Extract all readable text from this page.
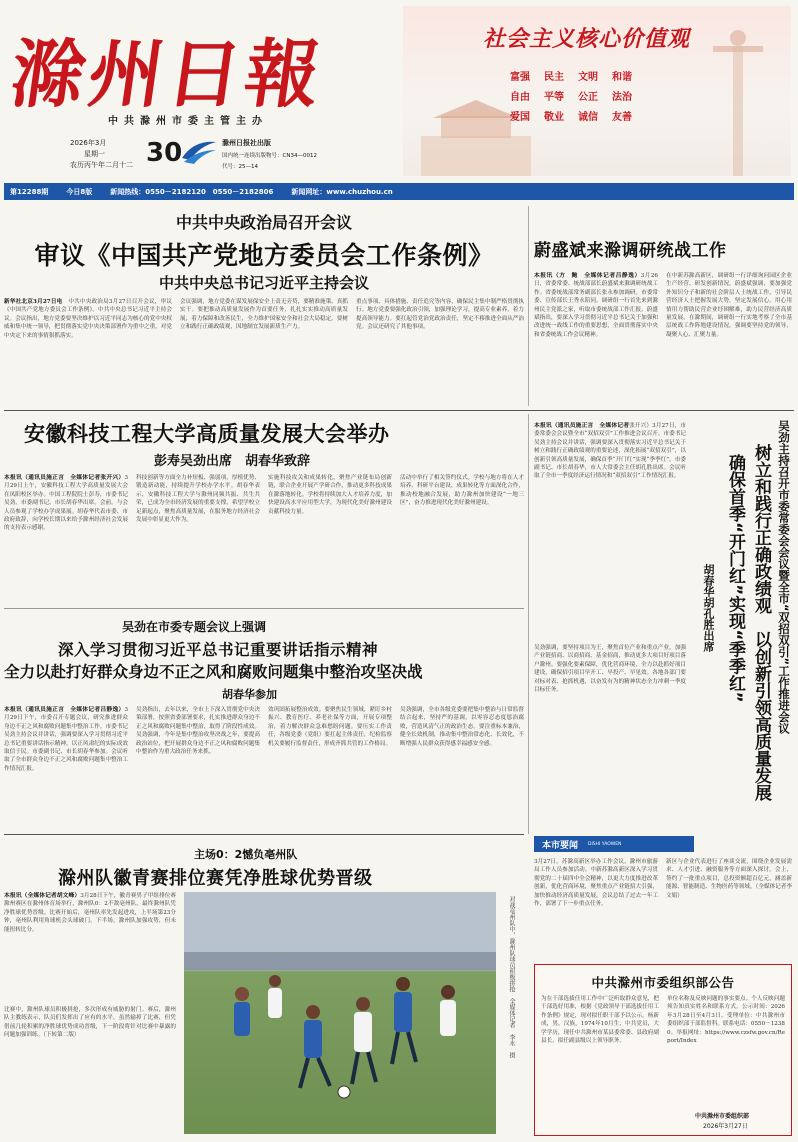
滁州日報
中共滁州市委主管主办
2026年3月
星期一
农历丙午年二月十二 30	滁州日报社出版
国内统一连续出版物号：CN34—0012
代号：25—14
社会主义核心价值观
富强 民主 文明 和谐
自由 平等 公正 法治
爱国 敬业 诚信 友善
第12288期	今日8版	新闻热线：0550－2182120　0550－2182806	新闻网址：www.chuzhou.cn
中共中央政治局召开会议
审议《中国共产党地方委员会工作条例》
中共中央总书记习近平主持会议
新华社北京3月27日电　 中共中央政治局3月27日召开会议，审议《中国共产党地方委员会工作条例》。中共中央总书记习近平主持会议。会议指出，地方党委要坚决维护以习近平同志为核心的党中央权威和集中统一领导，把贯彻落实党中央决策部署作为重中之重，对党中央定下来的事情狠抓落实。
会议强调，地方党委在谋发展保安全上责无旁贷，要精准施策、真抓实干。要把推动高质量发展作为首要任务，扎扎实实推动高质量发展，着力保障和改善民生，全力维护国家安全和社会大局稳定。要树立和践行正确政绩观，因地制宜发展新质生产力。
重点事项、具体措施、责任追究等内容，确保民主集中制严格贯彻执行。地方党委要强化政治引领，加强理论学习，提高专业素养，着力提高领导能力。要扛起管党治党政治责任，坚定不移推进全面从严治党。会议还研究了其他事项。
蔚盛斌来滁调研统战工作
本报讯（方　鲍　全媒体记者吕静逸）3月26日，省委常委、统战部部长蔚盛斌来滁调研统战工作。省委统战部常务副部长张永参加调研。市委常委、宣传部长王秀永陪同。调研组一行首先来到滁州民主党派之家，听取市委统战部工作汇报。蔚盛斌指出，要深入学习贯彻习近平总书记关于加强和改进统一战线工作的重要思想，全面贯彻落实中央和省委统战工作会议精神。
在中新苏滁高新区，调研组一行详细询问园区企业生产经营、研发创新情况。蔚盛斌强调，要加强党外知识分子和新的社会阶层人士统战工作，引导民营经济人士把握发展大势，坚定发展信心。用心用情用力帮助民营企业纾困解难，助力民营经济高质量发展。在滁期间，调研组一行实地考察了全市基层统战工作阵地建设情况，强调要坚持党的领导，凝聚人心、汇聚力量。
安徽科技工程大学高质量发展大会举办
彭寿吴劲出席　胡春华致辞
本报讯（通讯员施正言　全媒体记者张开兴）3月29日上午，安徽科技工程大学高质量发展大会在凤阳校区举办。中国工程院院士彭寿，市委书记吴劲，市委副书记、市长胡春华出席。会前，与会人员参观了学校办学成果展。胡春华代表市委、市政府致辞，向学校长期以来给予滁州经济社会发展的支持表示感谢。
科技创新等方面全力补短板、强弱项，厚植优势、锻造新动能，持续提升学校办学水平。胡春华表示，安徽科技工程大学与滁州同频共振、共生共荣，已成为全市经济发展的重要支撑。希望学校立足新起点，聚焦高质量发展，在服务地方经济社会发展中彰显更大作为。
实施科技攻关和成果转化，聚焦产业链布局创新链，联合企业开展产学研合作，推动更多科技成果在滁落地转化。学校将持续加大人才培养力度，加快建设高水平应用型大学，为现代化美好滁州建设贡献科技力量。
活动中举行了相关签约仪式。学校与地方将在人才培养、科研平台建设、成果转化等方面深化合作，推动校地融合发展，助力滁州加快建设“一地三区”，奋力推进现代化美好滁州建设。
吴劲在市委专题会议上强调
深入学习贯彻习近平总书记重要讲话指示精神
全力以赴打好群众身边不正之风和腐败问题集中整治攻坚决战
胡春华参加
本报讯（通讯员施正言　全媒体记者吕静逸）3月29日下午，市委召开专题会议，研究推进群众身边不正之风和腐败问题集中整治工作。市委书记吴劲主持会议并讲话，强调要深入学习贯彻习近平总书记重要讲话指示精神，以正风肃纪的实际成效取信于民。市委副书记、市长胡春华参加。会议听取了全市群众身边不正之风和腐败问题集中整治工作情况汇报。
吴劲指出，去年以来，全市上下深入贯彻党中央决策部署，按照省委部署要求，扎实推进群众身边不正之风和腐败问题集中整治，取得了阶段性成效。吴劲强调，今年是集中整治攻坚决战之年，要提高政治站位，把开展群众身边不正之风和腐败问题集中整治作为重大政治任务来抓。
效巩固拓展整治成效。要聚焦民生领域，紧盯乡村振兴、教育医疗、养老社保等方面，开展专项整治，着力解决群众急难愁盼问题。要压实工作责任，各级党委（党组）要扛起主体责任，纪检监察机关要履行监督责任，形成齐抓共管的工作格局。
吴劲强调，全市各级党委要把集中整治与日常监督结合起来，坚持严的基调，以零容忍态度惩治腐败，营造风清气正的政治生态。要注重标本兼治，健全长效机制，推动集中整治常态化、长效化，不断增强人民群众获得感幸福感安全感。
本报讯（通讯员施正言　全媒体记者张开兴）3月27日，市委常委会会议暨全市“双招双引”工作推进会议召开。市委书记吴劲主持会议并讲话，强调要深入贯彻落实习近平总书记关于树立和践行正确政绩观的重要论述，深化拓展“双招双引”，以创新引领高质量发展，确保首季“开门红”实现“季季红”。市委副书记、市长胡春华，市人大常委会主任胡孔胜出席。会议听取了全市一季度经济运行情况和“双招双引”工作情况汇报。
吴劲强调，要坚持项目为王，聚焦首位产业和重点产业，加强产业链招商、以商招商、基金招商，推动更多大项目好项目落户滁州。要强化要素保障，优化营商环境，全力以赴抓好项目建设，确保招引项目早开工、早投产、早见效。各地各部门要对标对表、抢抓机遇，以奋发有为的精神状态全力冲刺一季度目标任务。	吴劲主持召开市委常委会会议暨全市“双招双引”工作推进会议
树立和践行正确政绩观　以创新引领高质量发展
确保首季“开门红”实现“季季红”
胡春华胡孔胜出席
本市要闻 DISHI YAOWEN
3月27日，苏滁高新区举办工作会议，滁州市旅游局工作人员参加活动。中新苏滁高新区深入学习贯彻党的二十届四中全会精神，以更大力度推进改革创新，优化营商环境，聚焦重点产业链招大引强，加快推动经济高质量发展。会议总结了过去一年工作，部署了下一步重点任务。
新区与企业代表进行了座谈交流，围绕企业发展需求、人才引进、融资服务等方面深入探讨。会上，签约了一批重点项目，总投资额超百亿元，涵盖新能源、智能制造、生物医药等领域。（全媒体记者李文娟）
主场0：2憾负亳州队
滁州队徽青赛排位赛凭净胜球优势晋级
本报讯（全媒体记者胡文峰）3月28日下午，徽青赛男子甲组排位赛滁州赛区在滁州体育场举行，滁州队0：2不敌亳州队，最终滁州队凭净胜球优势晋级。比赛开始后，亳州队率先发起进攻，上半场第23分钟，亳州队利用角球机会头球破门。下半场，滁州队加强攻势，但未能扭转比分。
比赛中，滁州队球员积极拼抢，多次形成有威胁的射门。赛后，滁州队主教练表示，队员们发挥出了应有的水平，虽然输掉了比赛，但凭借前几轮积累的净胜球优势成功晋级，下一阶段将针对比赛中暴露的问题加强训练。（下转第二版）	对战亳州队中，滁州队球员积极拼抢　全媒体记者　李永　摄	中共滁州市委组织部公告
为在干部选拔任用工作中广泛听取群众意见，把干部选好用准，根据《党政领导干部选拔任用工作条例》规定，现对拟任职干部予以公示。杨新成，男，汉族，1974年10月生，中共党员，大学学历，现任中共滁州市某县委常委、县政府副县长，拟任副县级以上领导职务。
单位名称及反映问题的事实要点。个人反映问题须告知真实姓名和联系方式。公示时间：2026年3月28日至4月3日。受理单位：中共滁州市委组织部干部监督科。联系电话：0550－12380。举报网址：https://www.czsfw.gov.cn/Report/Index
中共滁州市委组织部
2026年3月27日
